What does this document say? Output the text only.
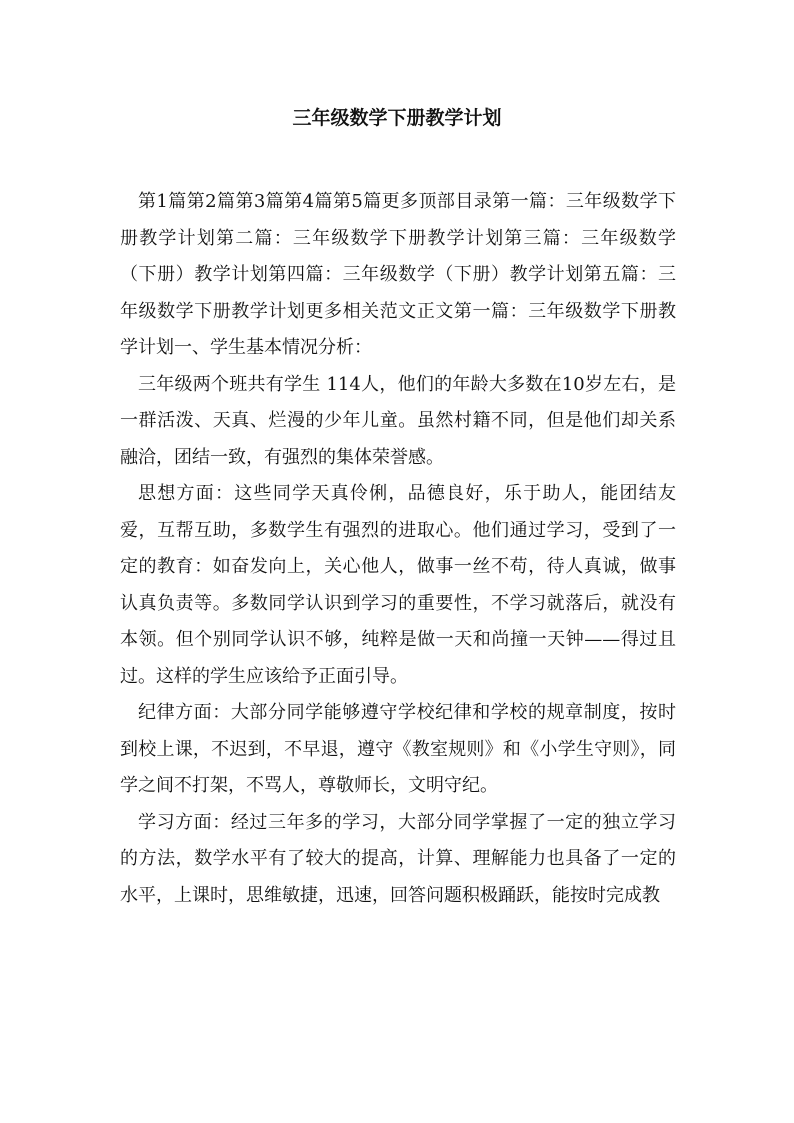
三年级数学下册教学计划

第1篇第2篇第3篇第4篇第5篇更多顶部目录第一篇：三年级数学下册教学计划第二篇：三年级数学下册教学计划第三篇：三年级数学（下册）教学计划第四篇：三年级数学（下册）教学计划第五篇：三年级数学下册教学计划更多相关范文正文第一篇：三年级数学下册教学计划一、学生基本情况分析：

三年级两个班共有学生 114人，他们的年龄大多数在10岁左右，是一群活泼、天真、烂漫的少年儿童。虽然村籍不同，但是他们却关系融洽，团结一致，有强烈的集体荣誉感。

思想方面：这些同学天真伶俐，品德良好，乐于助人，能团结友爱，互帮互助，多数学生有强烈的进取心。他们通过学习，受到了一定的教育：如奋发向上，关心他人，做事一丝不苟，待人真诚，做事认真负责等。多数同学认识到学习的重要性，不学习就落后，就没有本领。但个别同学认识不够，纯粹是做一天和尚撞一天钟——得过且过。这样的学生应该给予正面引导。

纪律方面：大部分同学能够遵守学校纪律和学校的规章制度，按时到校上课，不迟到，不早退，遵守《教室规则》和《小学生守则》，同学之间不打架，不骂人，尊敬师长，文明守纪。

学习方面：经过三年多的学习，大部分同学掌握了一定的独立学习的方法，数学水平有了较大的提高，计算、理解能力也具备了一定的水平，上课时，思维敏捷，迅速，回答问题积极踊跃，能按时完成教
